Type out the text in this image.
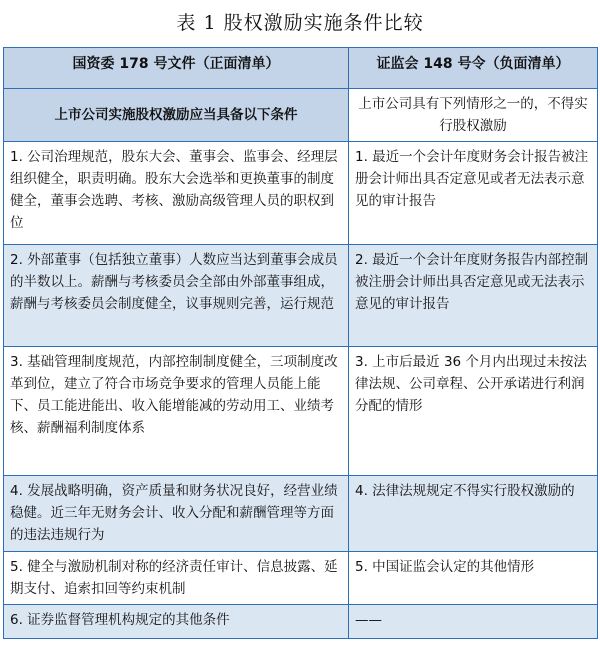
表 1 股权激励实施条件比较
国资委 178 号文件（正面清单）	证监会 148 号令（负面清单）
上市公司实施股权激励应当具备以下条件	上市公司具有下列情形之一的，不得实行股权激励
1. 公司治理规范，股东大会、董事会、监事会、经理层组织健全，职责明确。股东大会选举和更换董事的制度健全，董事会选聘、考核、激励高级管理人员的职权到位	1. 最近一个会计年度财务会计报告被注册会计师出具否定意见或者无法表示意见的审计报告
2. 外部董事（包括独立董事）人数应当达到董事会成员的半数以上。薪酬与考核委员会全部由外部董事组成，薪酬与考核委员会制度健全，议事规则完善，运行规范	2. 最近一个会计年度财务报告内部控制被注册会计师出具否定意见或无法表示意见的审计报告
3. 基础管理制度规范，内部控制制度健全，三项制度改革到位，建立了符合市场竞争要求的管理人员能上能下、员工能进能出、收入能增能减的劳动用工、业绩考核、薪酬福利制度体系	3. 上市后最近 36 个月内出现过未按法律法规、公司章程、公开承诺进行利润分配的情形
4. 发展战略明确，资产质量和财务状况良好，经营业绩稳健。近三年无财务会计、收入分配和薪酬管理等方面的违法违规行为	4. 法律法规规定不得实行股权激励的
5. 健全与激励机制对称的经济责任审计、信息披露、延期支付、追索扣回等约束机制	5. 中国证监会认定的其他情形
6. 证券监督管理机构规定的其他条件	——
